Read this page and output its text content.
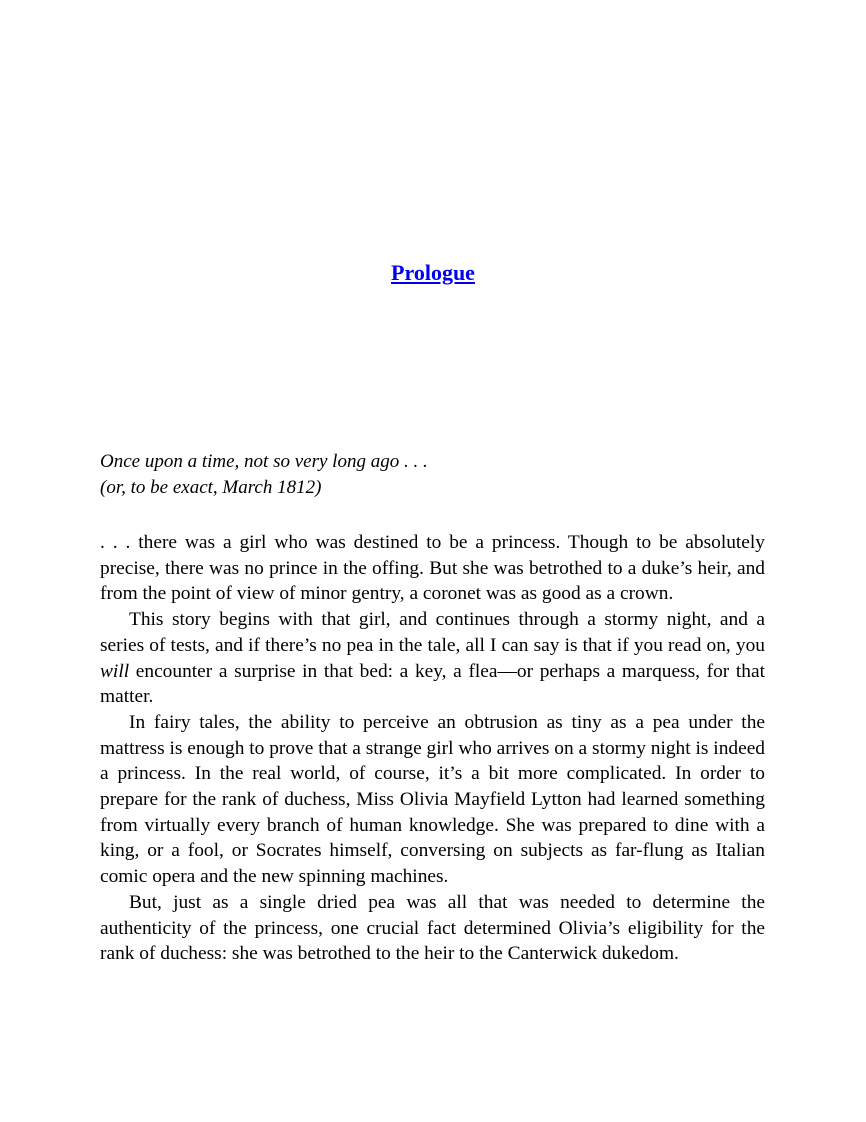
Prologue

Once upon a time, not so very long ago . . .

(or, to be exact, March 1812)

. . . there was a girl who was destined to be a princess. Though to be absolutely precise, there was no prince in the offing. But she was betrothed to a duke’s heir, and from the point of view of minor gentry, a coronet was as good as a crown.

This story begins with that girl, and continues through a stormy night, and a series of tests, and if there’s no pea in the tale, all I can say is that if you read on, you will encounter a surprise in that bed: a key, a flea—or perhaps a marquess, for that matter.

In fairy tales, the ability to perceive an obtrusion as tiny as a pea under the mattress is enough to prove that a strange girl who arrives on a stormy night is indeed a princess. In the real world, of course, it’s a bit more complicated. In order to prepare for the rank of duchess, Miss Olivia Mayfield Lytton had learned something from virtually every branch of human knowledge. She was prepared to dine with a king, or a fool, or Socrates himself, conversing on subjects as far-flung as Italian comic opera and the new spinning machines.

But, just as a single dried pea was all that was needed to determine the authenticity of the princess, one crucial fact determined Olivia’s eligibility for the rank of duchess: she was betrothed to the heir to the Canterwick dukedom.
